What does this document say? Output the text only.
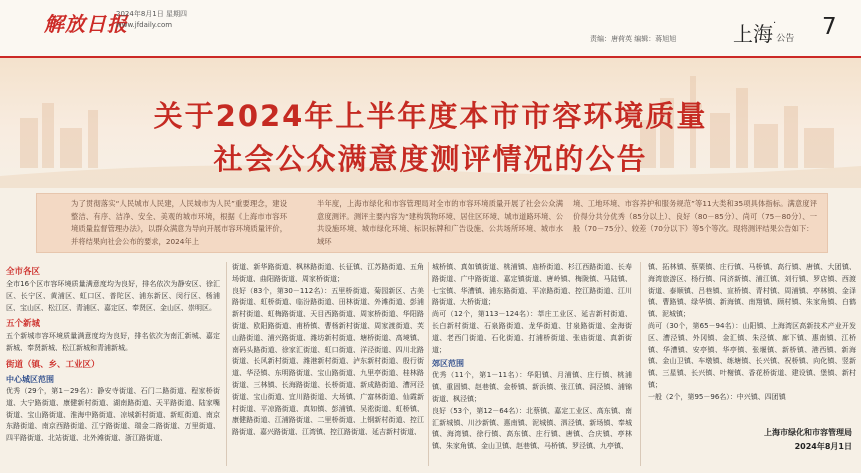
解放日报
2024年8月1日 星期四
www.jfdaily.com
责编：唐荷英 编辑：蒋旭旭	上海·公告 7
关于2024年上半年度本市市容环境质量
社会公众满意度测评情况的公告
为了贯彻落实“人民城市人民建，人民城市为人民”重要理念，建设整洁、有序、洁净、安全、美观的城市环境，根据《上海市市容环境质量监督管理办法》，以群众满意为导向开展市容环境质量评价，并将结果向社会公布的要求，2024年上
半年度，上海市绿化和市容管理局对全市的市容环境质量开展了社会公众满意度测评。测评主要内容为“建构筑物环境、居住区环境、城市道路环境、公共设施环境、城市绿化环境、标识标牌和广告设施、公共场所环境、城市水域环
境、工地环境、市容养护和服务规范”等11大类和35项具体指标。满意度评价得分共分优秀（85分以上）、良好（80－85分）、尚可（75－80分）、一般（70－75分）、较差（70分以下）等5个等次。现将测评结果公告如下：
全市各区

全市16个区市容环境质量满意度均为良好，排名依次为静安区、徐汇区、长宁区、黄浦区、虹口区、普陀区、浦东新区、闵行区、杨浦区、宝山区、松江区、青浦区、嘉定区、奉贤区、金山区、崇明区。

五个新城

五个新城市容环境质量满意度均为良好，排名依次为南汇新城、嘉定新城、奉贤新城、松江新城和青浦新城。

街道（镇、乡、工业区）
中心城区范围

优秀（29个，第1－29名）：静安寺街道、石门二路街道、程家桥街道、大宁路街道、康健新村街道、湖南路街道、天平路街道、陆家嘴街道、宝山路街道、淮海中路街道、凉城新村街道、新虹街道、南京东路街道、南京西路街道、江宁路街道、瑞金二路街道、万里街道、四平路街道、北站街道、北外滩街道、浙江路街道、

街道、新华路街道、枫林路街道、长征镇、江苏路街道、五角场街道、曲阳路街道、周家桥街道；

良好（83个，第30－112名）：五里桥街道、菊园新区、古美路街道、虹桥街道、临汾路街道、田林街道、外滩街道、彭浦新村街道、虹梅路街道、天目西路街道、周家桥街道、华阳路街道、欧阳路街道、甫桥镇、曹杨新村街道、周家渡街道、芙山路街道、浦兴路街道、潍坊新村街道、塘桥街道、高境镇、南码头路街道、徐家汇街道、虹口街道、洋泾街道、四川北路街道、长风新村街道、潍港新村街道、泸东新村街道、殷行街道、华泾镇、东明路街道、宝山路街道、九里亭街道、桂林路街道、三林镇、长海路街道、长桥街道、新成路街道、漕河泾街道、宝山街道、宜川路街道、大场镇、广富林街道、仙霞新村街道、平凉路街道、真如镇、彭浦镇、吴淞街道、虹桥镇、康健路街道、江浦路街道、二里桥街道、上钢新村街道、控江路街道、嘉兴路街道、江湾镇、控江路街道、延吉新村街道、

城桥镇、真如镇街道、桃浦镇、庙桥街道、杉江西路街道、长寿路街道、广中路街道、嘉定镇街道、唐岭镇、梅陇镇、马陆镇、七宝镇、华漕镇、浦东路街道、平凉路街道、控江路街道、江川路街道、大桥街道；

尚可（12个，第113－124名）：莘庄工业区、延吉新村街道、长白新村街道、石泉路街道、龙华街道、甘泉路街道、金海街道、老西门街道、石化街道、打浦桥街道、张庙街道、真新街道；

郊区范围

优秀（11个，第1－11名）：华阳镇、月浦镇、庄行镇、桃浦镇、重固镇、赵巷镇、金桥镇、新浜镇、张江镇、洞泾镇、浦锦街道、枫泾镇；

良好（53个，第12－64名）：北蔡镇、嘉定工业区、高东镇、南汇新城镇、川沙新镇、惠南镇、泥城镇、泗泾镇、新场镇、奉城镇、海湾镇、徐行镇、高东镇、庄行镇、唐镇、合庆镇、亭林镇、朱家角镇、金山卫镇、赵巷镇、马桥镇、罗泾镇、九亭镇、

镇、拓林镇、蔡栗镇、庄行镇、马桥镇、高行镇、唐镇、大团镇、海湾旅游区、杨行镇、同济新镇、浦江镇、刘行镇、罗店镇、西渡街道、泰顺镇、吕巷镇、宣桥镇、青村镇、周浦镇、亭林镇、金泽镇、曹路镇、绿华镇、新海镇、南翔镇、顾村镇、朱家角镇、白鹤镇、泥城镇；

尚可（30个，第65－94名）：山阳镇、上海湾区高新技术产业开发区、漕泾镇、外冈镇、金汇镇、朱泾镇、廊下镇、惠南镇、江桥镇、华漕镇、安亭镇、华亭镇、张堰镇、新桥镇、港西镇、新海镇、金山卫镇、车墩镇、练塘镇、长兴镇、祝桥镇、向化镇、竖新镇、三星镇、长兴镇、叶榭镇、香花桥街道、建设镇、堡镇、新村镇；

一般（2个，第95－96名）：中兴镇、四团镇

上海市绿化和市容管理局
2024年8月1日
